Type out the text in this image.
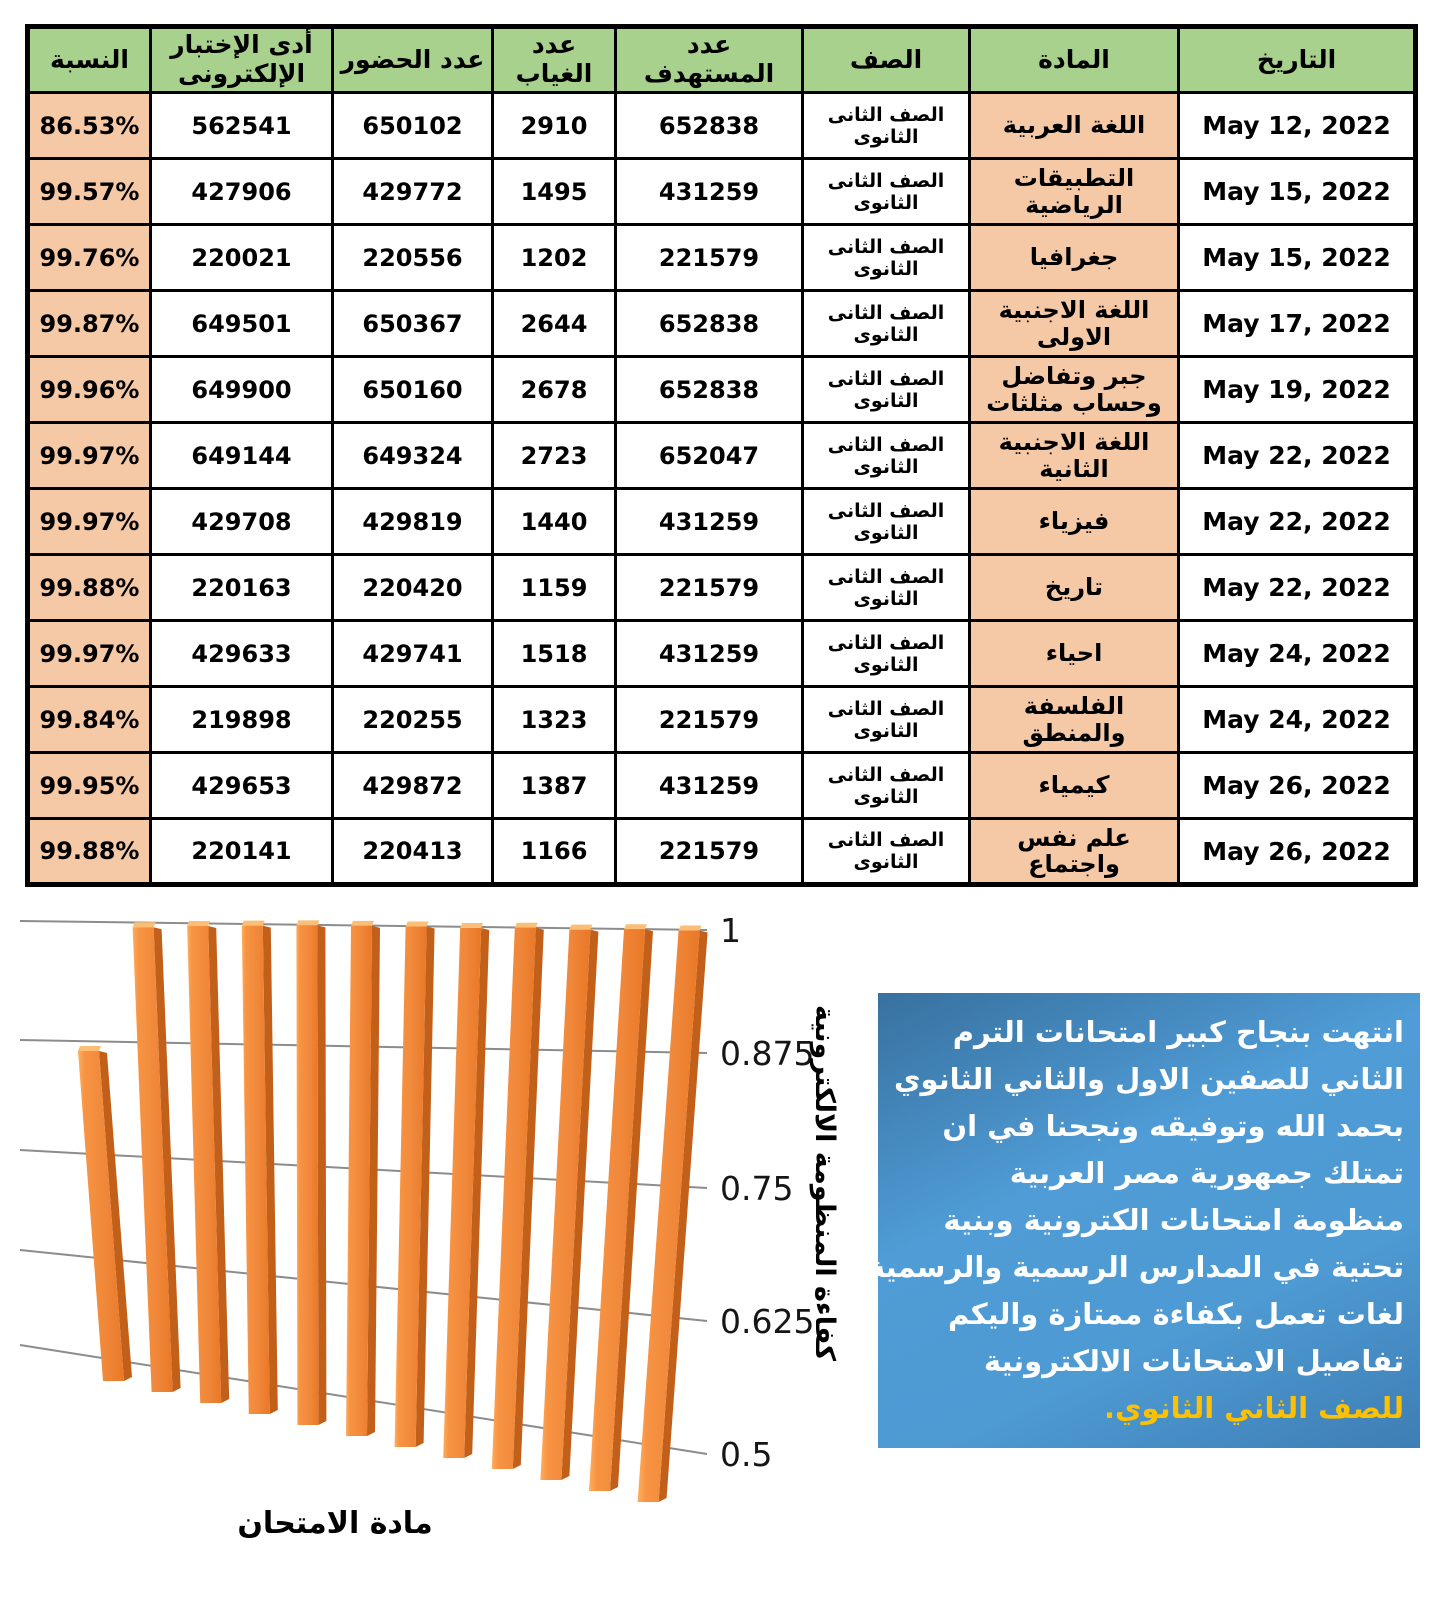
النسبة	أدى الإختبار الإلكترونى	عدد الحضور	عدد الغياب	عدد المستهدف	الصف	المادة	التاريخ
86.53%	562541	650102	2910	652838	الصف الثانى الثانوى	اللغة العربية	May 12, 2022
99.57%	427906	429772	1495	431259	الصف الثانى الثانوى	التطبيقات الرياضية	May 15, 2022
99.76%	220021	220556	1202	221579	الصف الثانى الثانوى	جغرافيا	May 15, 2022
99.87%	649501	650367	2644	652838	الصف الثانى الثانوى	اللغة الاجنبية الاولى	May 17, 2022
99.96%	649900	650160	2678	652838	الصف الثانى الثانوى	جبر وتفاضل وحساب مثلثات	May 19, 2022
99.97%	649144	649324	2723	652047	الصف الثانى الثانوى	اللغة الاجنبية الثانية	May 22, 2022
99.97%	429708	429819	1440	431259	الصف الثانى الثانوى	فيزياء	May 22, 2022
99.88%	220163	220420	1159	221579	الصف الثانى الثانوى	تاريخ	May 22, 2022
99.97%	429633	429741	1518	431259	الصف الثانى الثانوى	احياء	May 24, 2022
99.84%	219898	220255	1323	221579	الصف الثانى الثانوى	الفلسفة والمنطق	May 24, 2022
99.95%	429653	429872	1387	431259	الصف الثانى الثانوى	كيمياء	May 26, 2022
99.88%	220141	220413	1166	221579	الصف الثانى الثانوى	علم نفس واجتماع	May 26, 2022
1
0.875
0.75
0.625
0.5
مادة الامتحان
كفاءة المنظومة الالكترونية	انتهت بنجاح كبير امتحانات الترم
الثاني للصفين الاول والثاني الثانوي
بحمد الله وتوفيقه ونجحنا في ان
تمتلك جمهورية مصر العربية
منظومة امتحانات الكترونية وبنية
تحتية في المدارس الرسمية والرسمية
لغات تعمل بكفاءة ممتازة واليكم
تفاصيل الامتحانات الالكترونية
للصف الثاني الثانوي.
